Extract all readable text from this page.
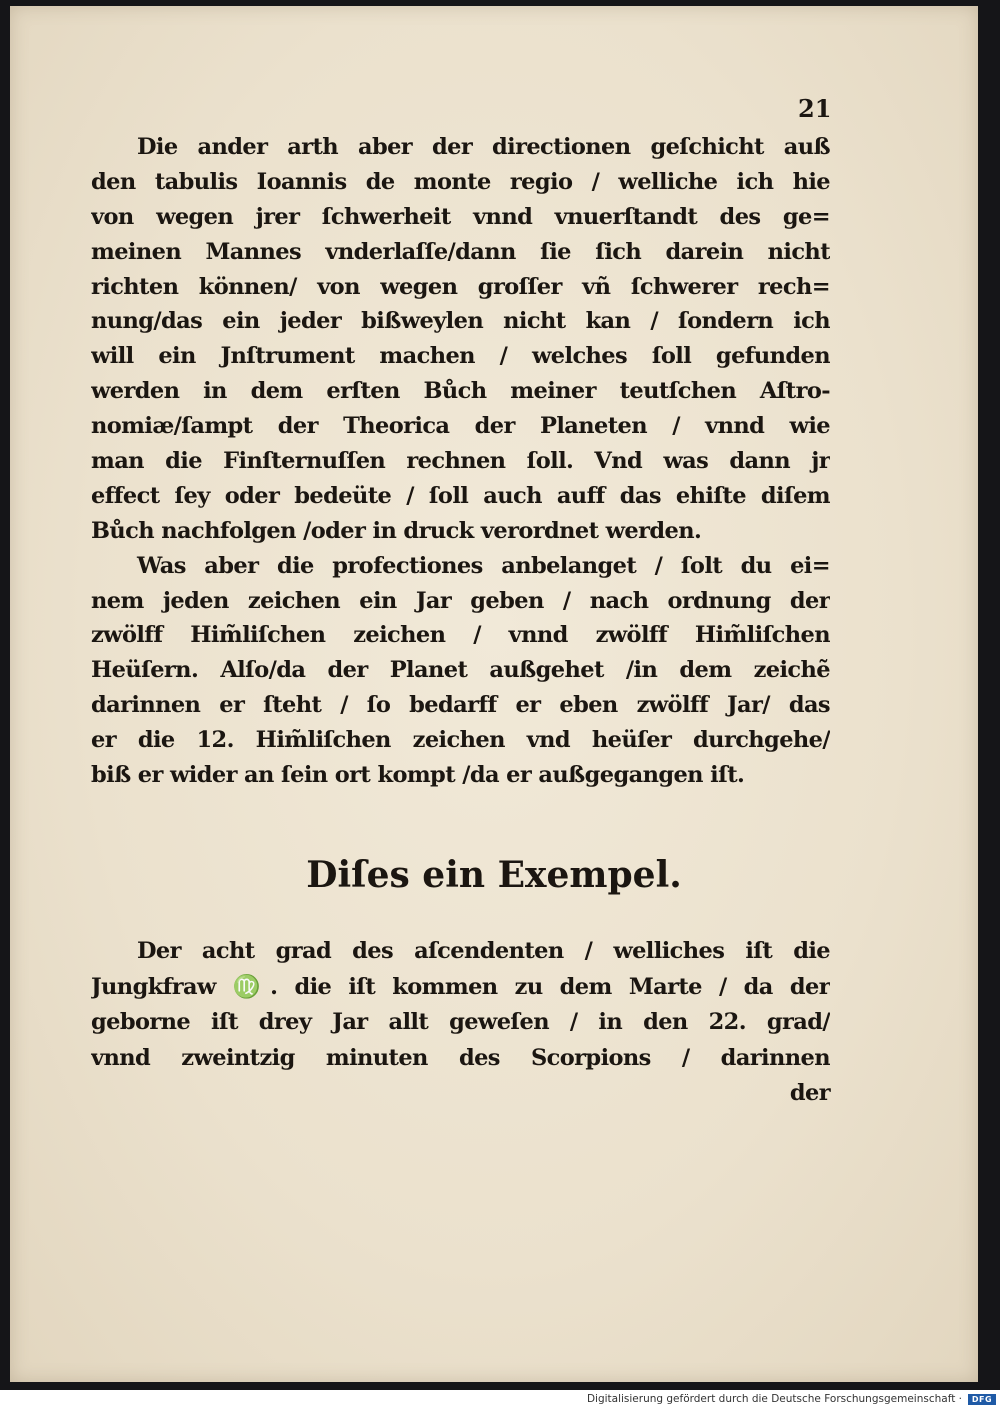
21
Die ander arth aber der directionen geſchicht auß
den tabulis Ioannis de monte regio / welliche ich hie
von wegen jrer ſchwerheit vnnd vnuerſtandt des ge=
meinen Mannes vnderlaſſe/dann ſie ſich darein nicht
richten können/ von wegen groſſer vñ ſchwerer rech=
nung/das ein jeder bißweylen nicht kan / ſondern ich
will ein Jnſtrument machen / welches ſoll gefunden
werden in dem erſten Bůch meiner teutſchen Aſtro-
nomiæ/ſampt der Theorica der Planeten / vnnd wie
man die Finſternuſſen rechnen ſoll. Vnd was dann jr
effect ſey oder bedeüte / ſoll auch auff das ehiſte diſem
Bůch nachfolgen /oder in druck verordnet werden.
Was aber die profectiones anbelanget / ſolt du ei=
nem jeden zeichen ein Jar geben / nach ordnung der
zwölff Him̃liſchen zeichen / vnnd zwölff Him̃liſchen
Heüſern. Alſo/da der Planet außgehet /in dem zeichẽ
darinnen er ſteht / ſo bedarff er eben zwölff Jar/ das
er die 12. Him̃liſchen zeichen vnd heüſer durchgehe/
biß er wider an ſein ort kompt /da er außgegangen iſt.
Diſes ein Exempel.
Der acht grad des aſcendenten / welliches iſt die
Jungkfraw ♍. die iſt kommen zu dem Marte / da der
geborne iſt drey Jar allt geweſen / in den 22. grad/
vnnd zweintzig minuten des Scorpions / darinnen
der
Digitalisierung gefördert durch die Deutsche Forschungsgemeinschaft ·	DFG
